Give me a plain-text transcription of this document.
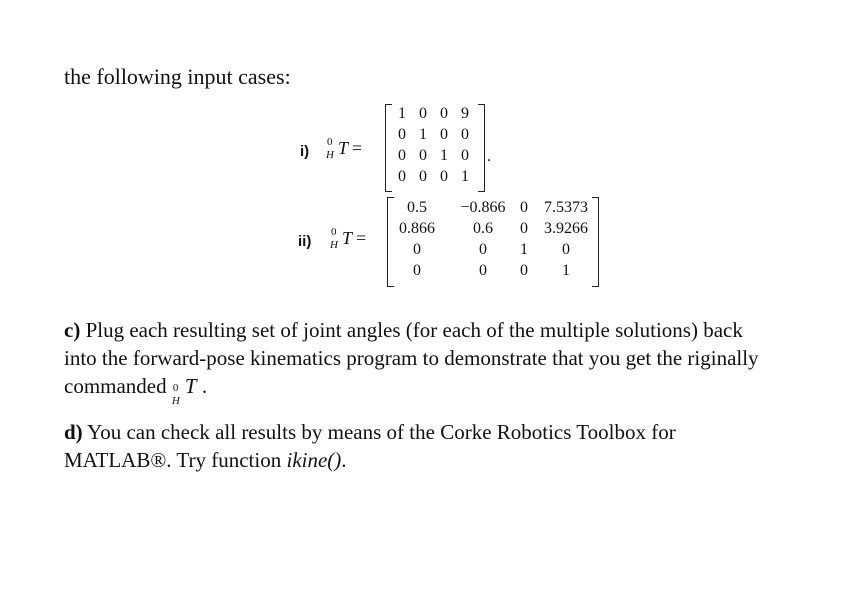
the following input cases:
i)
0
H T =
1 0 0 9
0 1 0 0
0 0 1 0
0 0 0 1
.
ii)
0
H T =
0.5	−0.866 0	7.5373
0.866	0.6	0	3.9266
0	0	1	0
0	0	0	1
c) Plug each resulting set of joint angles (for each of the multiple solutions) back
into the forward-pose kinematics program to demonstrate that you get the riginally
commanded 0
H
T .
d) You can check all results by means of the Corke Robotics Toolbox for
MATLAB®. Try function ikine().
